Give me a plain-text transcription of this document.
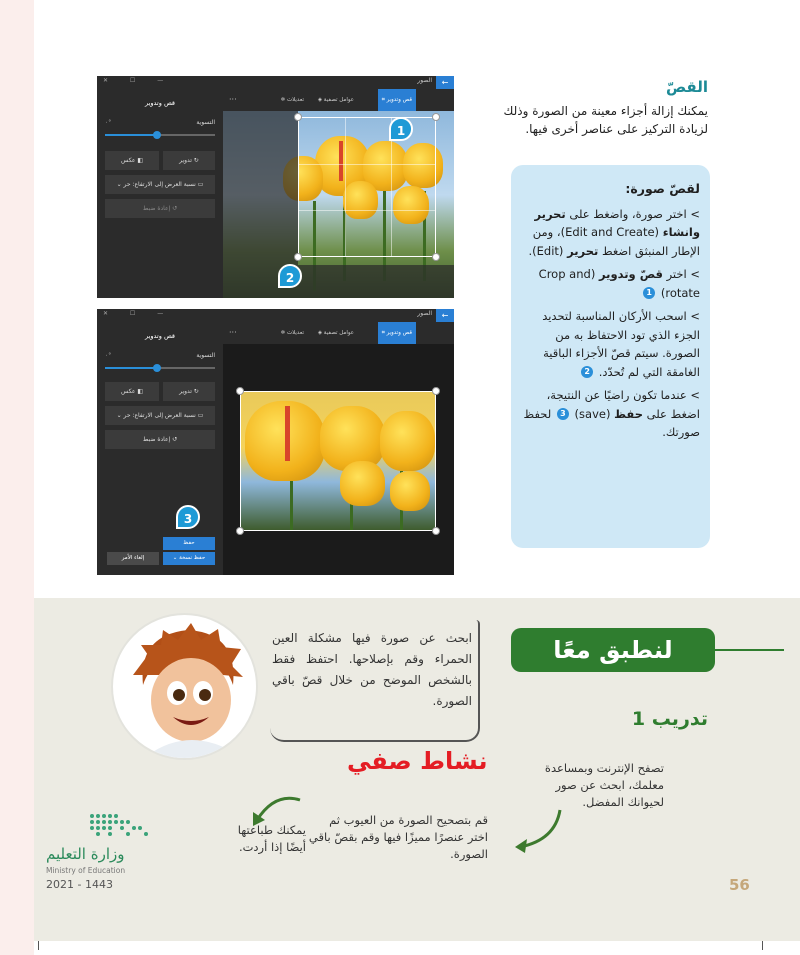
القصّ
يمكنك إزالة أجزاء معينة من الصورة وذلك لزيادة التركيز على عناصر أخرى فيها.
لقصّ صورة:
> اختر صورة، واضغط على تحرير وانشاء (Edit and Create)، ومن الإطار المنبثق اضغط تحرير (Edit).
> اختر قصّ وتدوير (Crop and rotate) 1
> اسحب الأركان المناسبة لتحديد الجزء الذي تود الاحتفاظ به من الصورة. سيتم قصّ الأجزاء الباقية الغامقة التي لم تُحدّد. 2
> عندما تكون راضيًا عن النتيجة، اضغط على حفظ (save) 3 لحفظ صورتك.
←
الصور
✕ ☐ —
قص وتدوير
التسوية
٠°
↻ تدوير
◧ عكس
▭ نسبة العرض إلى الارتفاع: حر ⌄
↺ إعادة ضبط
قص وتدوير ⌗
عوامل تصفية ◈
تعديلات ✲
···
1
2
←
الصور
✕ ☐ —
قص وتدوير
التسوية
٠°
↻ تدوير
◧ عكس
▭ نسبة العرض إلى الارتفاع: حر ⌄
↺ إعادة ضبط
حفظ
حفظ نسخة ⌄
إلغاء الأمر
قص وتدوير ⌗
عوامل تصفية ◈
تعديلات ✲
···
3
لنطبق معًا
تدريب 1
تصفح الإنترنت وبمساعدة معلمك، ابحث عن صور لحيوانك المفضل.
قم بتصحيح الصورة من العيوب ثم اختر عنصرًا مميزًا فيها وقم بقصّ باقي الصورة.
يمكنك طباعتها أيضًا إذا أردت.
ابحث عن صورة فيها مشكلة العين الحمراء وقم بإصلاحها. احتفظ فقط بالشخص الموضح من خلال قصّ باقي الصورة.
نشاط صفي
56
وزارة التعليم
Ministry of Education
2021 - 1443
